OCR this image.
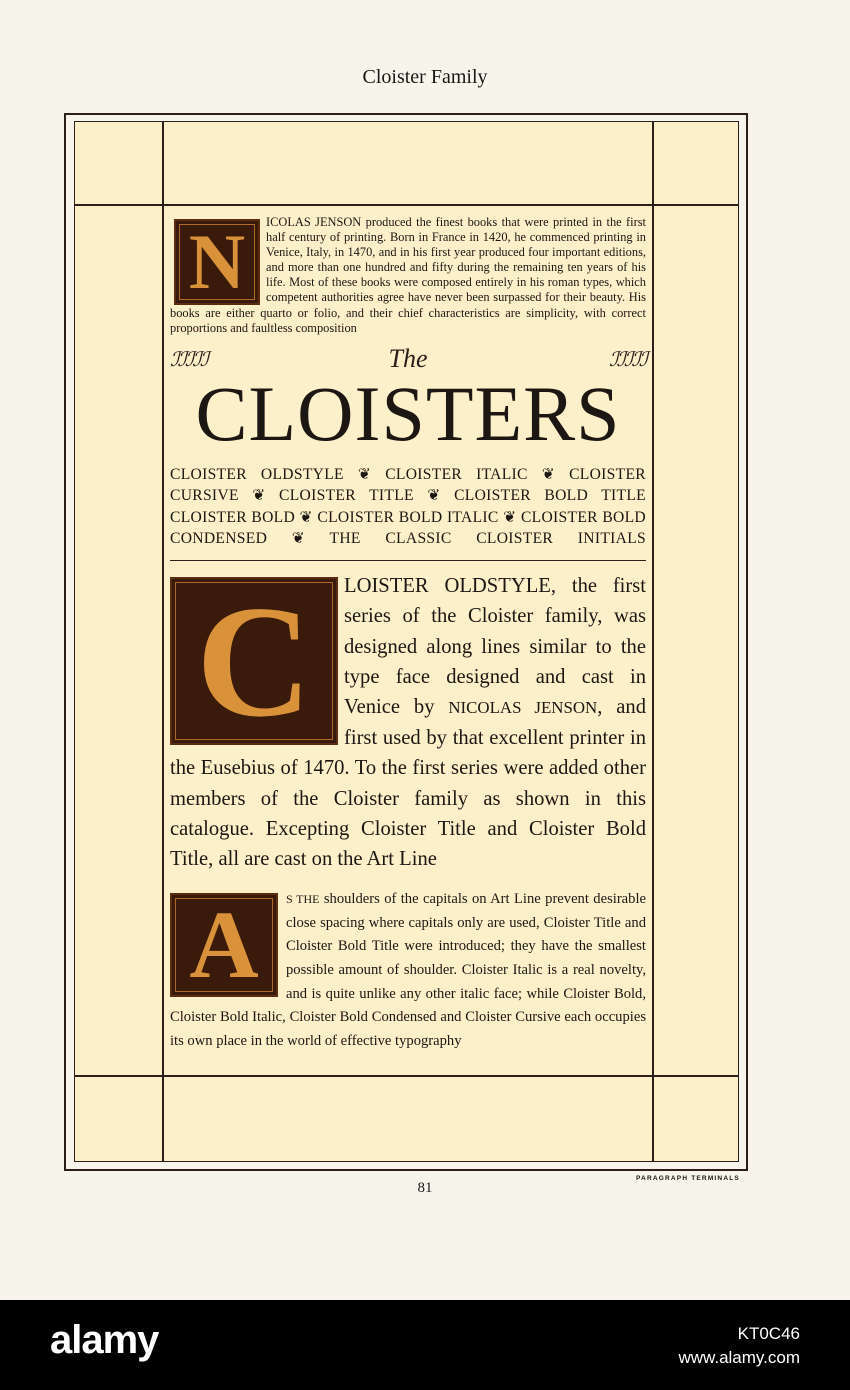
Cloister Family

N ICOLAS JENSON produced the finest books that were printed in the first half century of printing. Born in France in 1420, he commenced printing in Venice, Italy, in 1470, and in his first year produced four important editions, and more than one hundred and fifty during the remaining ten years of his life. Most of these books were composed entirely in his roman types, which competent authorities agree have never been surpassed for their beauty. His books are either quarto or folio, and their chief characteristics are simplicity, with correct proportions and faultless composition

ℐℐℐℐℐ	The	ℐℐℐℐℐ
CLOISTERS

CLOISTER OLDSTYLE ❦ CLOISTER ITALIC ❦ CLOISTER CURSIVE ❦ CLOISTER TITLE ❦ CLOISTER BOLD TITLE CLOISTER BOLD ❦ CLOISTER BOLD ITALIC ❦ CLOISTER BOLD CONDENSED ❦ THE CLASSIC CLOISTER INITIALS

C LOISTER OLDSTYLE, the first series of the Cloister family, was designed along lines similar to the type face designed and cast in Venice by NICOLAS JENSON, and first used by that excellent printer in the Eusebius of 1470. To the first series were added other members of the Cloister family as shown in this catalogue. Excepting Cloister Title and Cloister Bold Title, all are cast on the Art Line

A S THE shoulders of the capitals on Art Line prevent desirable close spacing where capitals only are used, Cloister Title and Cloister Bold Title were introduced; they have the smallest possible amount of shoulder. Cloister Italic is a real novelty, and is quite unlike any other italic face; while Cloister Bold, Cloister Bold Italic, Cloister Bold Condensed and Cloister Cursive each occupies its own place in the world of effective typography

81
PARAGRAPH TERMINALS
alamy	KT0C46
www.alamy.com
